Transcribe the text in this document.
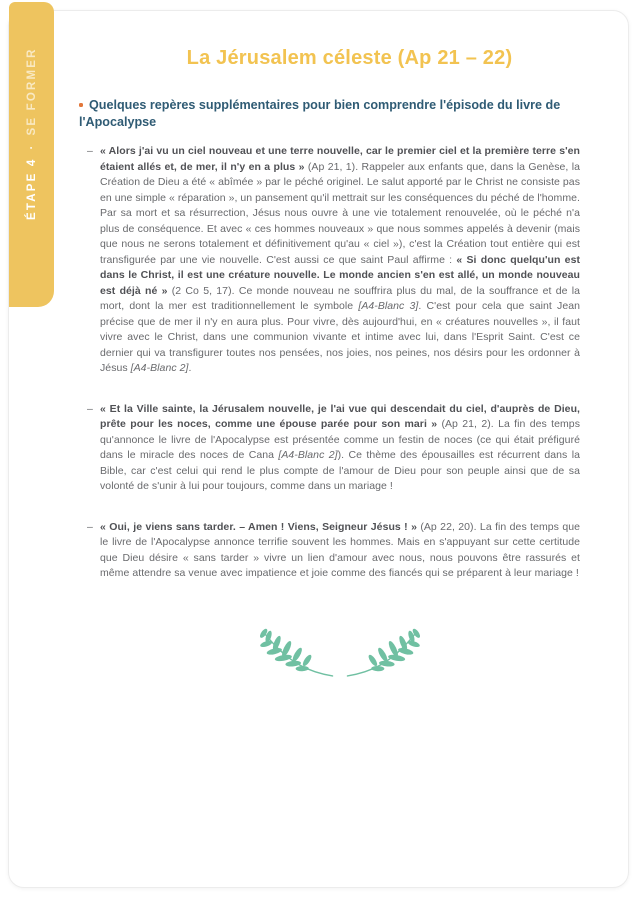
La Jérusalem céleste (Ap 21 – 22)
Quelques repères supplémentaires pour bien comprendre l'épisode du livre de l'Apocalypse
– « Alors j'ai vu un ciel nouveau et une terre nouvelle, car le premier ciel et la première terre s'en étaient allés et, de mer, il n'y en a plus » (Ap 21, 1). Rappeler aux enfants que, dans la Genèse, la Création de Dieu a été « abîmée » par le péché originel. Le salut apporté par le Christ ne consiste pas en une simple « réparation », un pansement qu'il mettrait sur les conséquences du péché de l'homme. Par sa mort et sa résurrection, Jésus nous ouvre à une vie totalement renouvelée, où le péché n'a plus de conséquence. Et avec « ces hommes nouveaux » que nous sommes appelés à devenir (mais que nous ne serons totalement et définitivement qu'au « ciel »), c'est la Création tout entière qui est transfigurée par une vie nouvelle. C'est aussi ce que saint Paul affirme : « Si donc quelqu'un est dans le Christ, il est une créature nouvelle. Le monde ancien s'en est allé, un monde nouveau est déjà né » (2 Co 5, 17). Ce monde nouveau ne souffrira plus du mal, de la souffrance et de la mort, dont la mer est traditionnellement le symbole [A4-Blanc 3]. C'est pour cela que saint Jean précise que de mer il n'y en aura plus. Pour vivre, dès aujourd'hui, en « créatures nouvelles », il faut vivre avec le Christ, dans une communion vivante et intime avec lui, dans l'Esprit Saint. C'est ce dernier qui va transfigurer toutes nos pensées, nos joies, nos peines, nos désirs pour les ordonner à Jésus [A4-Blanc 2].
– « Et la Ville sainte, la Jérusalem nouvelle, je l'ai vue qui descendait du ciel, d'auprès de Dieu, prête pour les noces, comme une épouse parée pour son mari » (Ap 21, 2). La fin des temps qu'annonce le livre de l'Apocalypse est présentée comme un festin de noces (ce qui était préfiguré dans le miracle des noces de Cana [A4-Blanc 2]). Ce thème des épousailles est récurrent dans la Bible, car c'est celui qui rend le plus compte de l'amour de Dieu pour son peuple ainsi que de sa volonté de s'unir à lui pour toujours, comme dans un mariage !
– « Oui, je viens sans tarder. – Amen ! Viens, Seigneur Jésus ! » (Ap 22, 20). La fin des temps que le livre de l'Apocalypse annonce terrifie souvent les hommes. Mais en s'appuyant sur cette certitude que Dieu désire « sans tarder » vivre un lien d'amour avec nous, nous pouvons être rassurés et même attendre sa venue avec impatience et joie comme des fiancés qui se préparent à leur mariage !
ÉTAPE 4
·
SE FORMER
